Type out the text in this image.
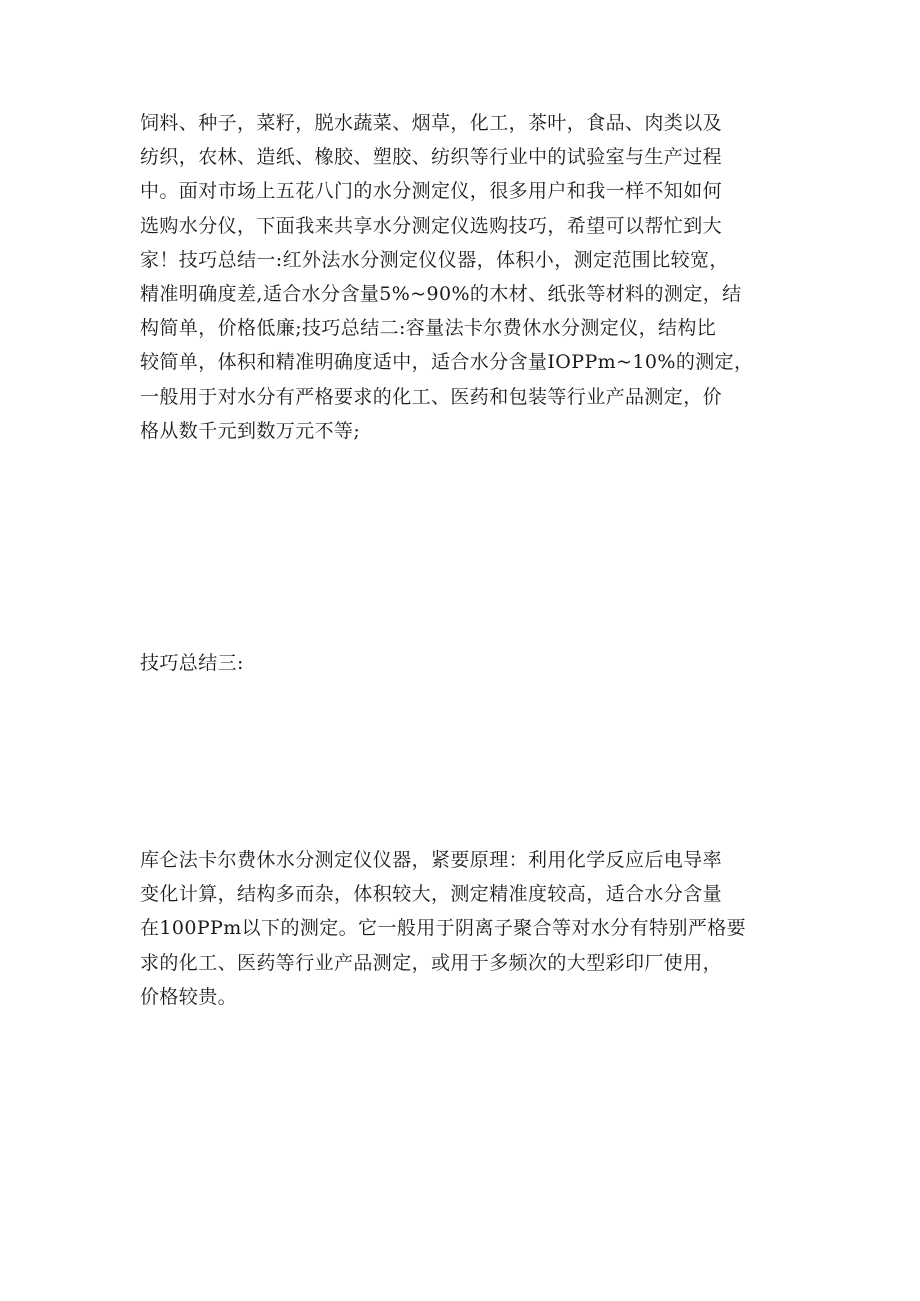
饲料、种子，菜籽，脱水蔬菜、烟草，化工，茶叶，食品、肉类以及
纺织，农林、造纸、橡胶、塑胶、纺织等行业中的试验室与生产过程
中。面对市场上五花八门的水分测定仪，很多用户和我一样不知如何
选购水分仪，下面我来共享水分测定仪选购技巧，希望可以帮忙到大
家！技巧总结一:红外法水分测定仪仪器，体积小，测定范围比较宽，
精准明确度差,适合水分含量5%~90%的木材、纸张等材料的测定，结
构简单，价格低廉;技巧总结二:容量法卡尔费休水分测定仪，结构比
较简单，体积和精准明确度适中，适合水分含量IOPPm~10%的测定，
一般用于对水分有严格要求的化工、医药和包装等行业产品测定，价
格从数千元到数万元不等;
技巧总结三:
库仑法卡尔费休水分测定仪仪器，紧要原理：利用化学反应后电导率
变化计算，结构多而杂，体积较大，测定精准度较高，适合水分含量
在100PPm以下的测定。它一般用于阴离子聚合等对水分有特别严格要
求的化工、医药等行业产品测定，或用于多频次的大型彩印厂使用，
价格较贵。
